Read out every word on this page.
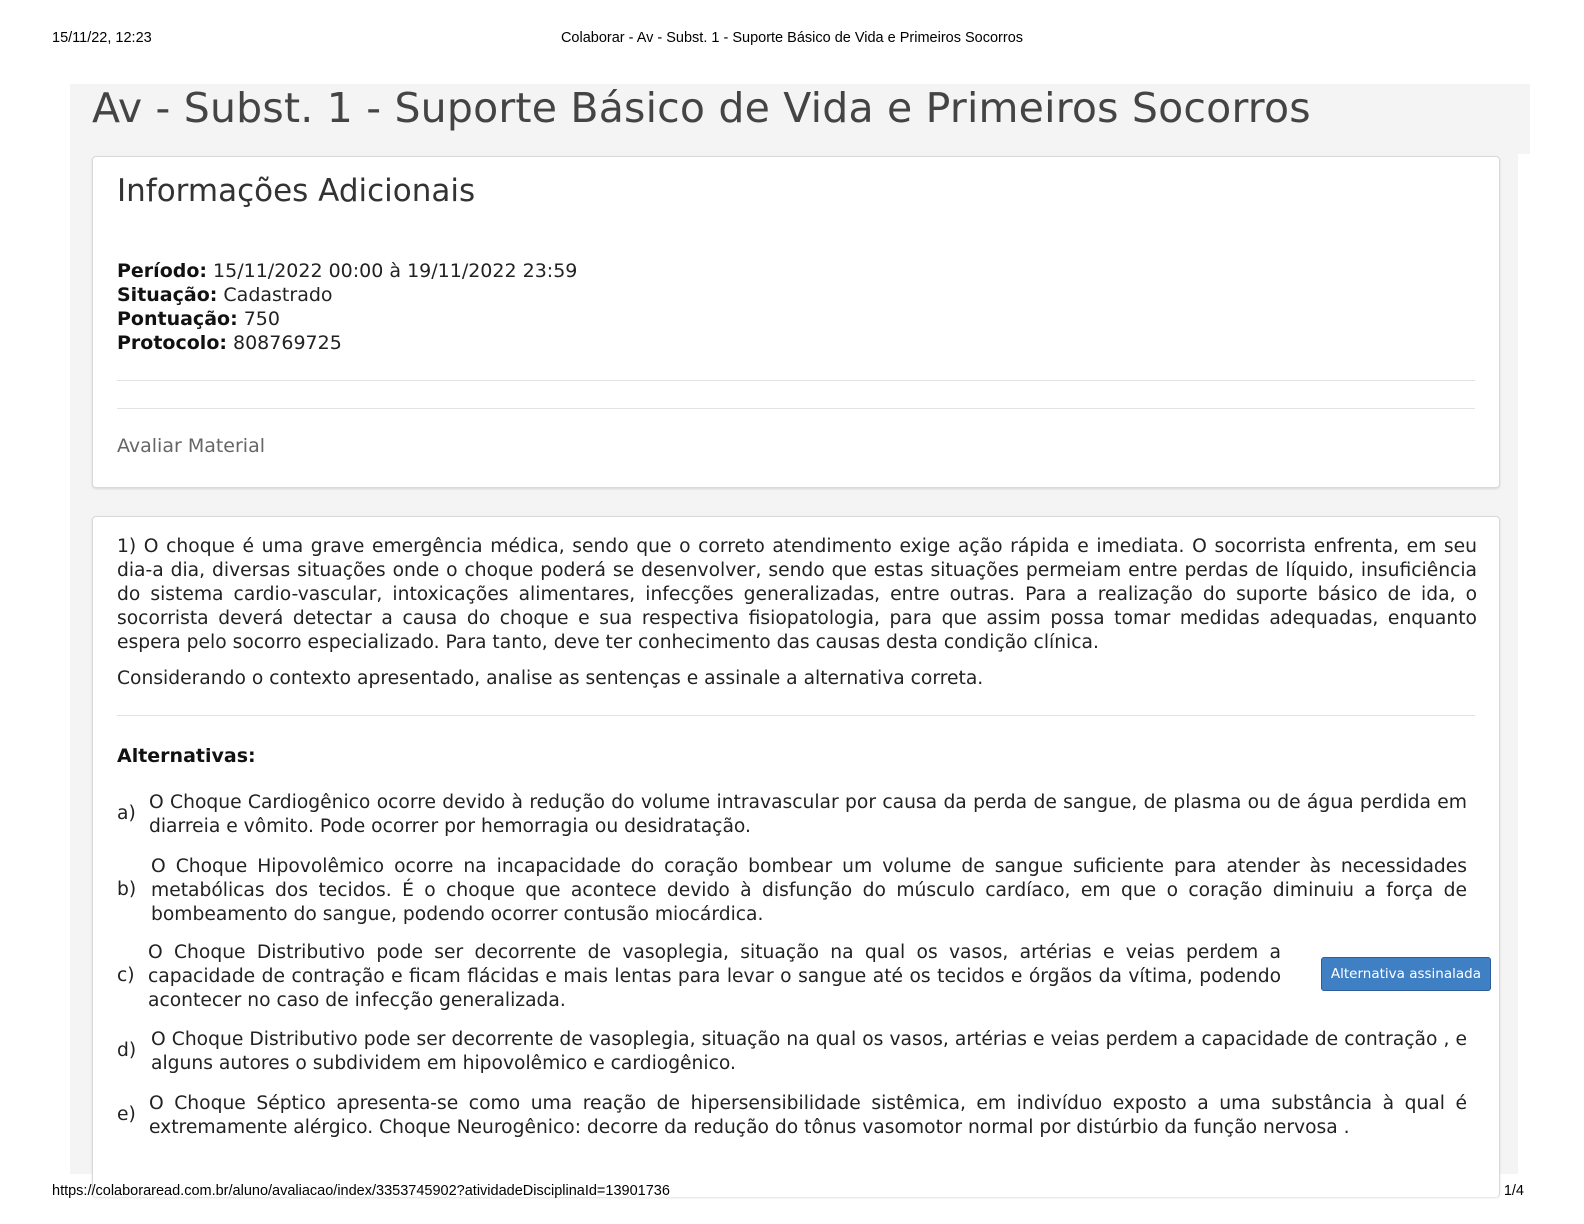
15/11/22, 12:23	Colaborar - Av - Subst. 1 - Suporte Básico de Vida e Primeiros Socorros
Av - Subst. 1 - Suporte Básico de Vida e Primeiros Socorros
Informações Adicionais
Período: 15/11/2022 00:00 à 19/11/2022 23:59
Situação: Cadastrado
Pontuação: 750
Protocolo: 808769725
Avaliar Material

1) O choque é uma grave emergência médica, sendo que o correto atendimento exige ação rápida e imediata. O socorrista enfrenta, em seu dia-a dia, diversas situações onde o choque poderá se desenvolver, sendo que estas situações permeiam entre perdas de líquido, insuficiência do sistema cardio-vascular, intoxicações alimentares, infecções generalizadas, entre outras. Para a realização do suporte básico de ida, o socorrista deverá detectar a causa do choque e sua respectiva fisiopatologia, para que assim possa tomar medidas adequadas, enquanto espera pelo socorro especializado. Para tanto, deve ter conhecimento das causas desta condição clínica.

Considerando o contexto apresentado, analise as sentenças e assinale a alternativa correta.

Alternativas:
a)
O Choque Cardiogênico ocorre devido à redução do volume intravascular por causa da perda de sangue, de plasma ou de água perdida em diarreia e vômito. Pode ocorrer por hemorragia ou desidratação.
b)
O Choque Hipovolêmico ocorre na incapacidade do coração bombear um volume de sangue suficiente para atender às necessidades metabólicas dos tecidos. É o choque que acontece devido à disfunção do músculo cardíaco, em que o coração diminuiu a força de bombeamento do sangue, podendo ocorrer contusão miocárdica.
c)
O Choque Distributivo pode ser decorrente de vasoplegia, situação na qual os vasos, artérias e veias perdem a capacidade de contração e ficam flácidas e mais lentas para levar o sangue até os tecidos e órgãos da vítima, podendo acontecer no caso de infecção generalizada.
Alternativa assinalada
d)
O Choque Distributivo pode ser decorrente de vasoplegia, situação na qual os vasos, artérias e veias perdem a capacidade de contração , e alguns autores o subdividem em hipovolêmico e cardiogênico.
e)
O Choque Séptico apresenta-se como uma reação de hipersensibilidade sistêmica, em indivíduo exposto a uma substância à qual é extremamente alérgico. Choque Neurogênico: decorre da redução do tônus vasomotor normal por distúrbio da função nervosa .
https://colaboraread.com.br/aluno/avaliacao/index/3353745902?atividadeDisciplinaId=13901736	1/4
